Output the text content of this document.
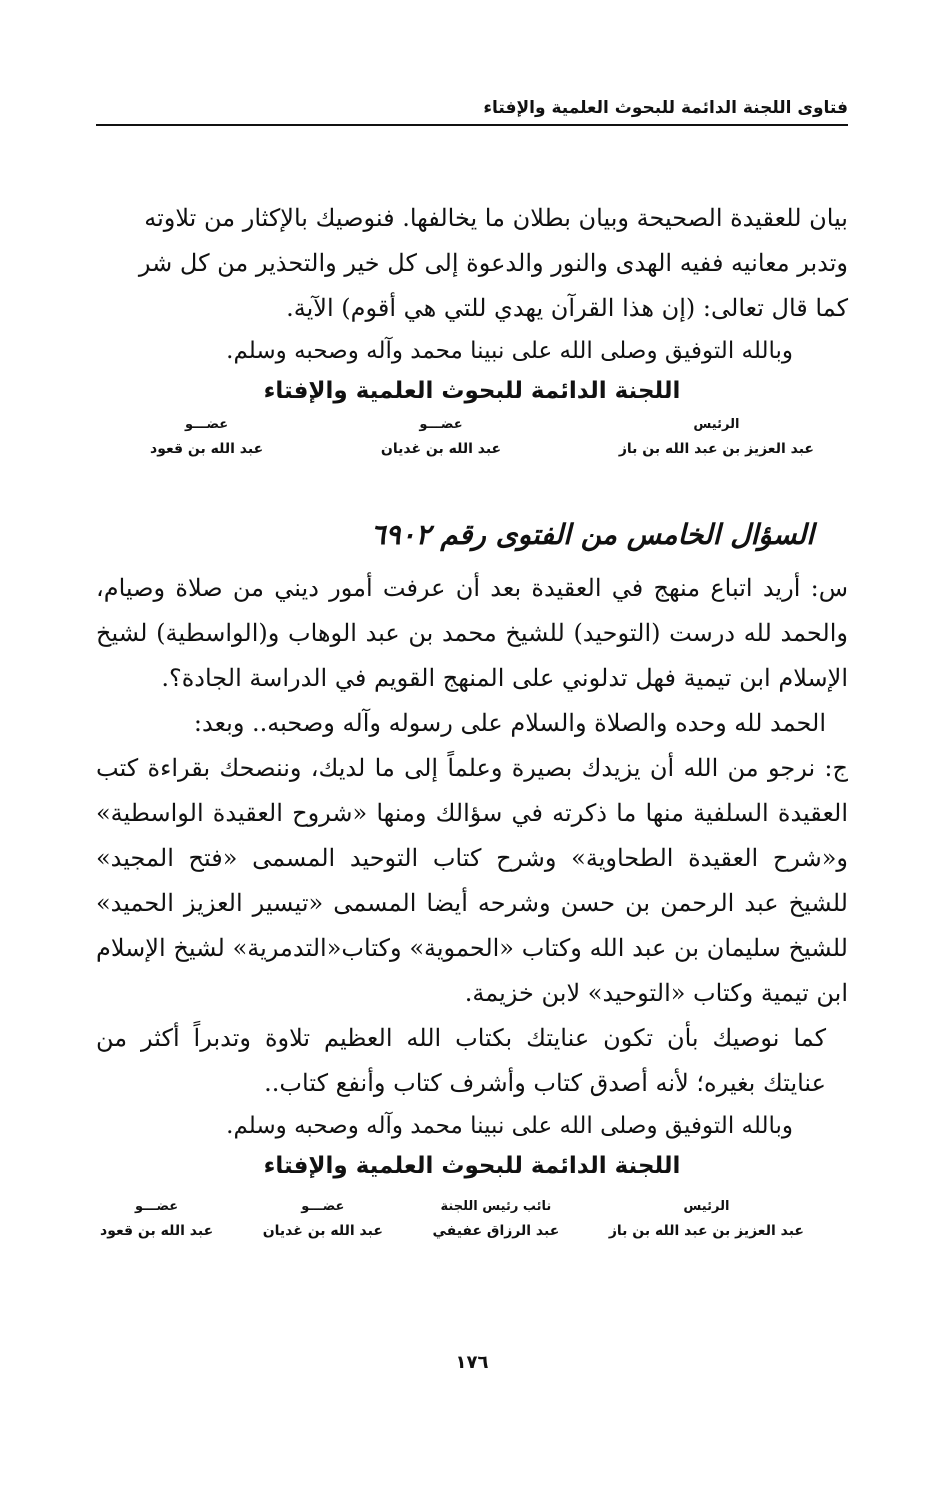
فتاوى اللجنة الدائمة للبحوث العلمية والإفتاء

بيان للعقيدة الصحيحة وبيان بطلان ما يخالفها. فنوصيك بالإكثار من تلاوته

وتدبر معانيه ففيه الهدى والنور والدعوة إلى كل خير والتحذير من كل شر

كما قال تعالى: (إن هذا القرآن يهدي للتي هي أقوم) الآية.

وبالله التوفيق وصلى الله على نبينا محمد وآله وصحبه وسلم.

اللجنة الدائمة للبحوث العلمية والإفتاء

الرئيس
عبد العزيز بن عبد الله بن باز
عضـــو
عبد الله بن غديان
عضـــو
عبد الله بن قعود
السؤال الخامس من الفتوى رقم ٦٩٠٢

س: أريد اتباع منهج في العقيدة بعد أن عرفت أمور ديني من صلاة وصيام، والحمد لله درست (التوحيد) للشيخ محمد بن عبد الوهاب و(الواسطية) لشيخ الإسلام ابن تيمية فهل تدلوني على المنهج القويم في الدراسة الجادة؟.

الحمد لله وحده والصلاة والسلام على رسوله وآله وصحبه.. وبعد:

ج: نرجو من الله أن يزيدك بصيرة وعلماً إلى ما لديك، وننصحك بقراءة كتب العقيدة السلفية منها ما ذكرته في سؤالك ومنها «شروح العقيدة الواسطية» و«شرح العقيدة الطحاوية» وشرح كتاب التوحيد المسمى «فتح المجيد» للشيخ عبد الرحمن بن حسن وشرحه أيضا المسمى «تيسير العزيز الحميد» للشيخ سليمان بن عبد الله وكتاب «الحموية» وكتاب«التدمرية» لشيخ الإسلام ابن تيمية وكتاب «التوحيد» لابن خزيمة.

كما نوصيك بأن تكون عنايتك بكتاب الله العظيم تلاوة وتدبراً أكثر من عنايتك بغيره؛ لأنه أصدق كتاب وأشرف كتاب وأنفع كتاب..

وبالله التوفيق وصلى الله على نبينا محمد وآله وصحبه وسلم.

اللجنة الدائمة للبحوث العلمية والإفتاء

الرئيس
عبد العزيز بن عبد الله بن باز
نائب رئيس اللجنة
عبد الرزاق عفيفي
عضـــو
عبد الله بن غديان
عضـــو
عبد الله بن قعود
١٧٦
